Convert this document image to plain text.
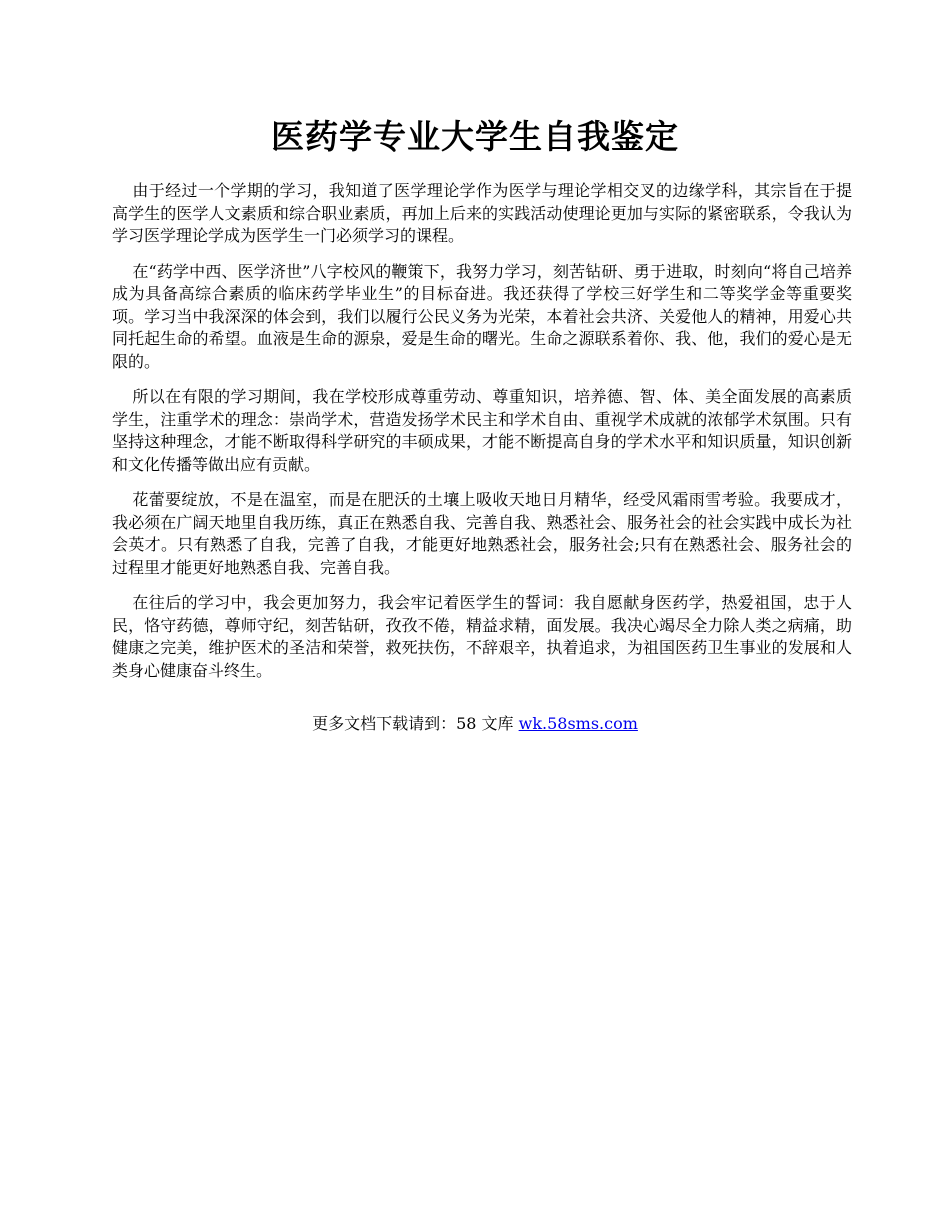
医药学专业大学生自我鉴定

由于经过一个学期的学习，我知道了医学理论学作为医学与理论学相交叉的边缘学科，其宗旨在于提高学生的医学人文素质和综合职业素质，再加上后来的实践活动使理论更加与实际的紧密联系，令我认为学习医学理论学成为医学生一门必须学习的课程。

在“药学中西、医学济世”八字校风的鞭策下，我努力学习，刻苦钻研、勇于进取，时刻向“将自己培养成为具备高综合素质的临床药学毕业生”的目标奋进。我还获得了学校三好学生和二等奖学金等重要奖项。学习当中我深深的体会到，我们以履行公民义务为光荣，本着社会共济、关爱他人的精神，用爱心共同托起生命的希望。血液是生命的源泉，爱是生命的曙光。生命之源联系着你、我、他，我们的爱心是无限的。

所以在有限的学习期间，我在学校形成尊重劳动、尊重知识，培养德、智、体、美全面发展的高素质学生，注重学术的理念：崇尚学术，营造发扬学术民主和学术自由、重视学术成就的浓郁学术氛围。只有坚持这种理念，才能不断取得科学研究的丰硕成果，才能不断提高自身的学术水平和知识质量，知识创新和文化传播等做出应有贡献。

花蕾要绽放，不是在温室，而是在肥沃的土壤上吸收天地日月精华，经受风霜雨雪考验。我要成才，我必须在广阔天地里自我历练，真正在熟悉自我、完善自我、熟悉社会、服务社会的社会实践中成长为社会英才。只有熟悉了自我，完善了自我，才能更好地熟悉社会，服务社会;只有在熟悉社会、服务社会的过程里才能更好地熟悉自我、完善自我。

在往后的学习中，我会更加努力，我会牢记着医学生的誓词：我自愿献身医药学，热爱祖国，忠于人民，恪守药德，尊师守纪，刻苦钻研，孜孜不倦，精益求精，面发展。我决心竭尽全力除人类之病痛，助健康之完美，维护医术的圣洁和荣誉，救死扶伤，不辞艰辛，执着追求，为祖国医药卫生事业的发展和人类身心健康奋斗终生。

更多文档下载请到：58 文库 wk.58sms.com
